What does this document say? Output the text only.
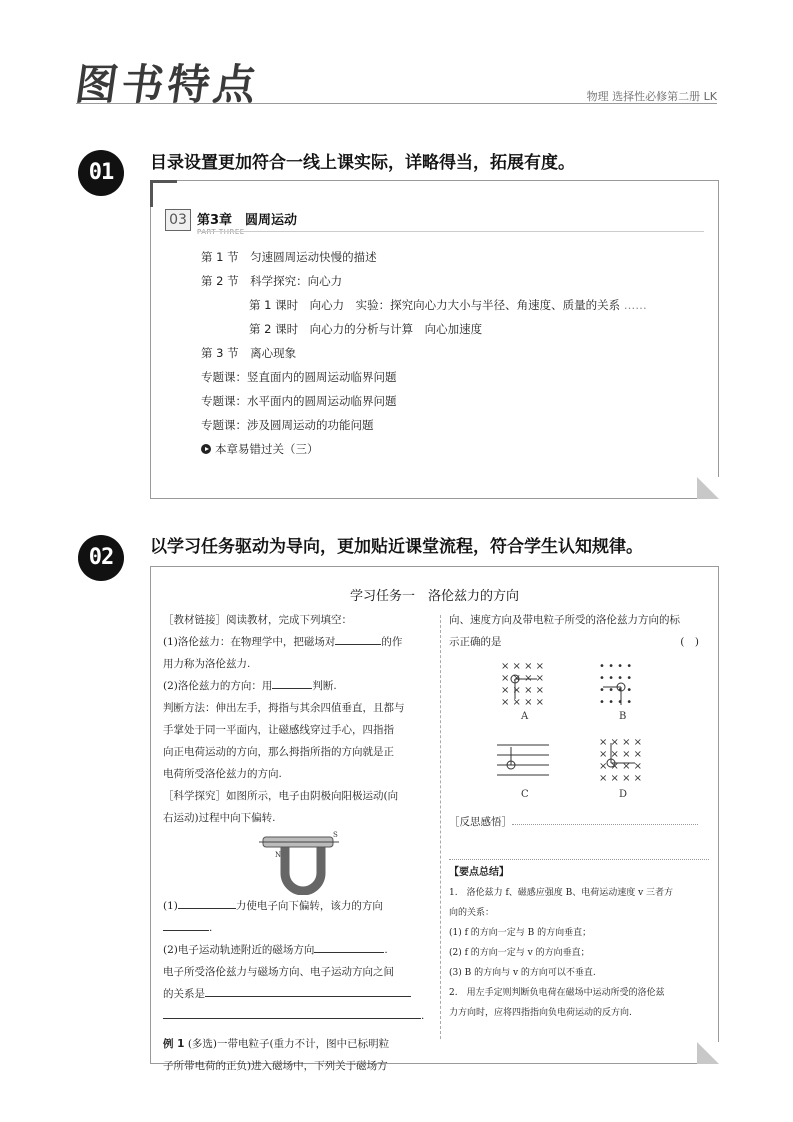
图书特点	物理 选择性必修第二册 LK
01	目录设置更加符合一线上课实际，详略得当，拓展有度。
03 第3章　圆周运动
PART THREE
第 1 节　匀速圆周运动快慢的描述
第 2 节　科学探究：向心力
第 1 课时　向心力　实验：探究向心力大小与半径、角速度、质量的关系 ……
第 2 课时　向心力的分析与计算　向心加速度
第 3 节　离心现象
专题课：竖直面内的圆周运动临界问题
专题课：水平面内的圆周运动临界问题
专题课：涉及圆周运动的功能问题
本章易错过关（三）
02	以学习任务驱动为导向，更加贴近课堂流程，符合学生认知规律。
学习任务一　洛伦兹力的方向

［教材链接］阅读教材，完成下列填空：

(1)洛伦兹力：在物理学中，把磁场对	的作

用力称为洛伦兹力.

(2)洛伦兹力的方向：用	判断.

判断方法：伸出左手，拇指与其余四值垂直，且都与

手掌处于同一平面内，让磁感线穿过手心，四指指

向正电荷运动的方向，那么拇指所指的方向就是正

电荷所受洛伦兹力的方向.

［科学探究］如图所示，电子由阴极向阳极运动(向

右运动)过程中向下偏转.

N
S

(1)	力使电子向下偏转，该力的方向

.

(2)电子运动轨迹附近的磁场方向	.

电子所受洛伦兹力与磁场方向、电子运动方向之间

的关系是

.

例 1 (多选)一带电粒子(重力不计，图中已标明粒

子所带电荷的正负)进入磁场中，下列关于磁场方

向、速度方向及带电粒子所受的洛伦兹力方向的标

示正确的是	(　)

× × × ×
× × × ×
× × × ×
× × × ×
• • • •
• • • •
• • • •
• • • •
× × × ×
× × × ×
× × × ×
× × × ×
A	B
C	D

［反思感悟］

【要点总结】

1.　洛伦兹力 f、磁感应强度 B、电荷运动速度 v 三者方

向的关系：

(1) f 的方向一定与 B 的方向垂直；

(2) f 的方向一定与 v 的方向垂直；

(3) B 的方向与 v 的方向可以不垂直.

2.　用左手定则判断负电荷在磁场中运动所受的洛伦兹

力方向时，应将四指指向负电荷运动的反方向.
